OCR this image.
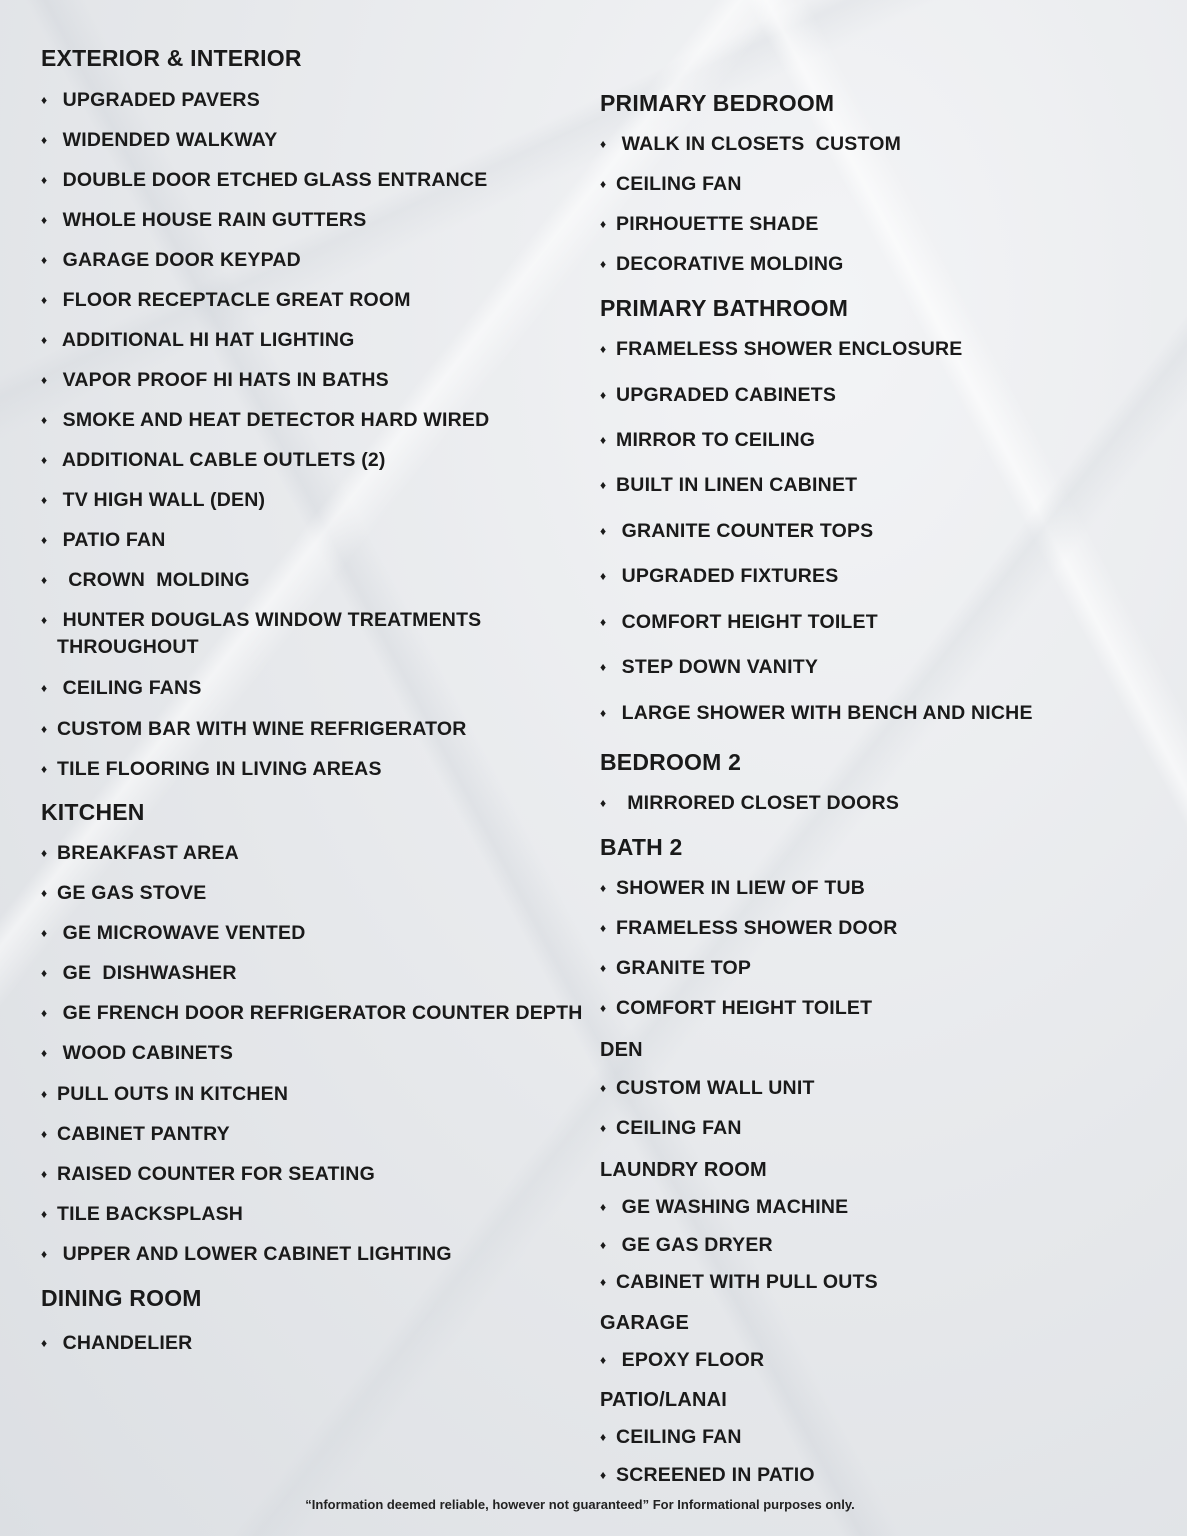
EXTERIOR & INTERIOR
♦ UPGRADED PAVERS
♦ WIDENDED WALKWAY
♦ DOUBLE DOOR ETCHED GLASS ENTRANCE
♦ WHOLE HOUSE RAIN GUTTERS
♦ GARAGE DOOR KEYPAD
♦ FLOOR RECEPTACLE GREAT ROOM
♦ ADDITIONAL HI HAT LIGHTING
♦ VAPOR PROOF HI HATS IN BATHS
♦ SMOKE AND HEAT DETECTOR HARD WIRED
♦ ADDITIONAL CABLE OUTLETS (2)
♦ TV HIGH WALL (DEN)
♦ PATIO FAN
♦ CROWN  MOLDING
♦ HUNTER DOUGLAS WINDOW TREATMENTS THROUGHOUT
♦ CEILING FANS
♦ CUSTOM BAR WITH WINE REFRIGERATOR
♦ TILE FLOORING IN LIVING AREAS
KITCHEN
♦ BREAKFAST AREA
♦ GE GAS STOVE
♦ GE MICROWAVE VENTED
♦ GE  DISHWASHER
♦ GE FRENCH DOOR REFRIGERATOR COUNTER DEPTH
♦ WOOD CABINETS
♦ PULL OUTS IN KITCHEN
♦ CABINET PANTRY
♦ RAISED COUNTER FOR SEATING
♦ TILE BACKSPLASH
♦ UPPER AND LOWER CABINET LIGHTING
DINING ROOM
♦ CHANDELIER
PRIMARY BEDROOM
♦ WALK IN CLOSETS  CUSTOM
♦ CEILING FAN
♦ PIRHOUETTE SHADE
♦ DECORATIVE MOLDING
PRIMARY BATHROOM
♦ FRAMELESS SHOWER ENCLOSURE
♦ UPGRADED CABINETS
♦ MIRROR TO CEILING
♦ BUILT IN LINEN CABINET
♦ GRANITE COUNTER TOPS
♦ UPGRADED FIXTURES
♦ COMFORT HEIGHT TOILET
♦ STEP DOWN VANITY
♦ LARGE SHOWER WITH BENCH AND NICHE
BEDROOM 2
♦ MIRRORED CLOSET DOORS
BATH 2
♦ SHOWER IN LIEW OF TUB
♦ FRAMELESS SHOWER DOOR
♦ GRANITE TOP
♦ COMFORT HEIGHT TOILET
DEN
♦ CUSTOM WALL UNIT
♦ CEILING FAN
LAUNDRY ROOM
♦ GE WASHING MACHINE
♦ GE GAS DRYER
♦ CABINET WITH PULL OUTS
GARAGE
♦ EPOXY FLOOR
PATIO/LANAI
♦ CEILING FAN
♦ SCREENED IN PATIO
“Information deemed reliable, however not guaranteed” For Informational purposes only.
